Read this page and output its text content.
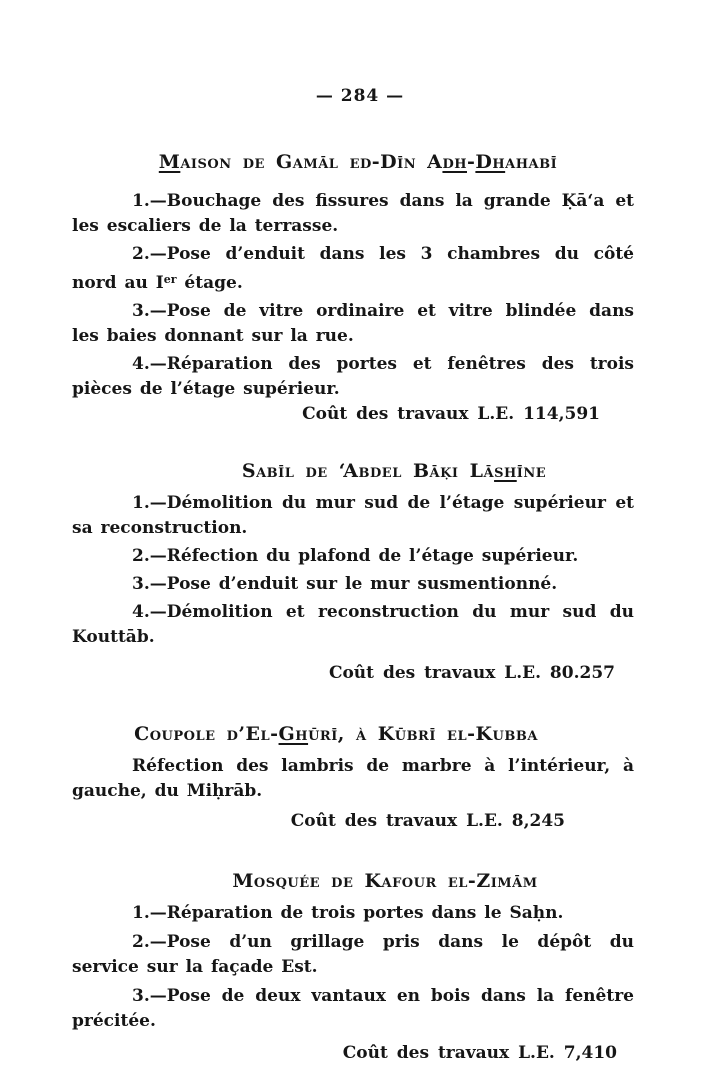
— 284 —
Maison de Gamāl ed-Dīn Adh-Dhahabī

1.—Bouchage des fissures dans la grande Ḳā‘a et les escaliers de la terrasse.

2.—Pose d’enduit dans les 3 chambres du côté nord au Ier étage.

3.—Pose de vitre ordinaire et vitre blindée dans les baies donnant sur la rue.

4.—Réparation des portes et fenêtres des trois pièces de l’étage supérieur.

Coût des travaux L.E. 114,591
Sabīl de ‘Abdel Bāḳi Lāshīne

1.—Démolition du mur sud de l’étage supérieur et sa reconstruction.

2.—Réfection du plafond de l’étage supérieur.

3.—Pose d’enduit sur le mur susmentionné.

4.—Démolition et reconstruction du mur sud du Kouttāb.

Coût des travaux L.E. 80.257
Coupole d’El-Ghūrī, à Kūbrī el-Kubba

Réfection des lambris de marbre à l’intérieur, à gauche, du Miḥrāb.

Coût des travaux L.E. 8,245
Mosquée de Kafour el-Zimām

1.—Réparation de trois portes dans le Saḥn.

2.—Pose d’un grillage pris dans le dépôt du service sur la façade Est.

3.—Pose de deux vantaux en bois dans la fenêtre précitée.

Coût des travaux L.E. 7,410
